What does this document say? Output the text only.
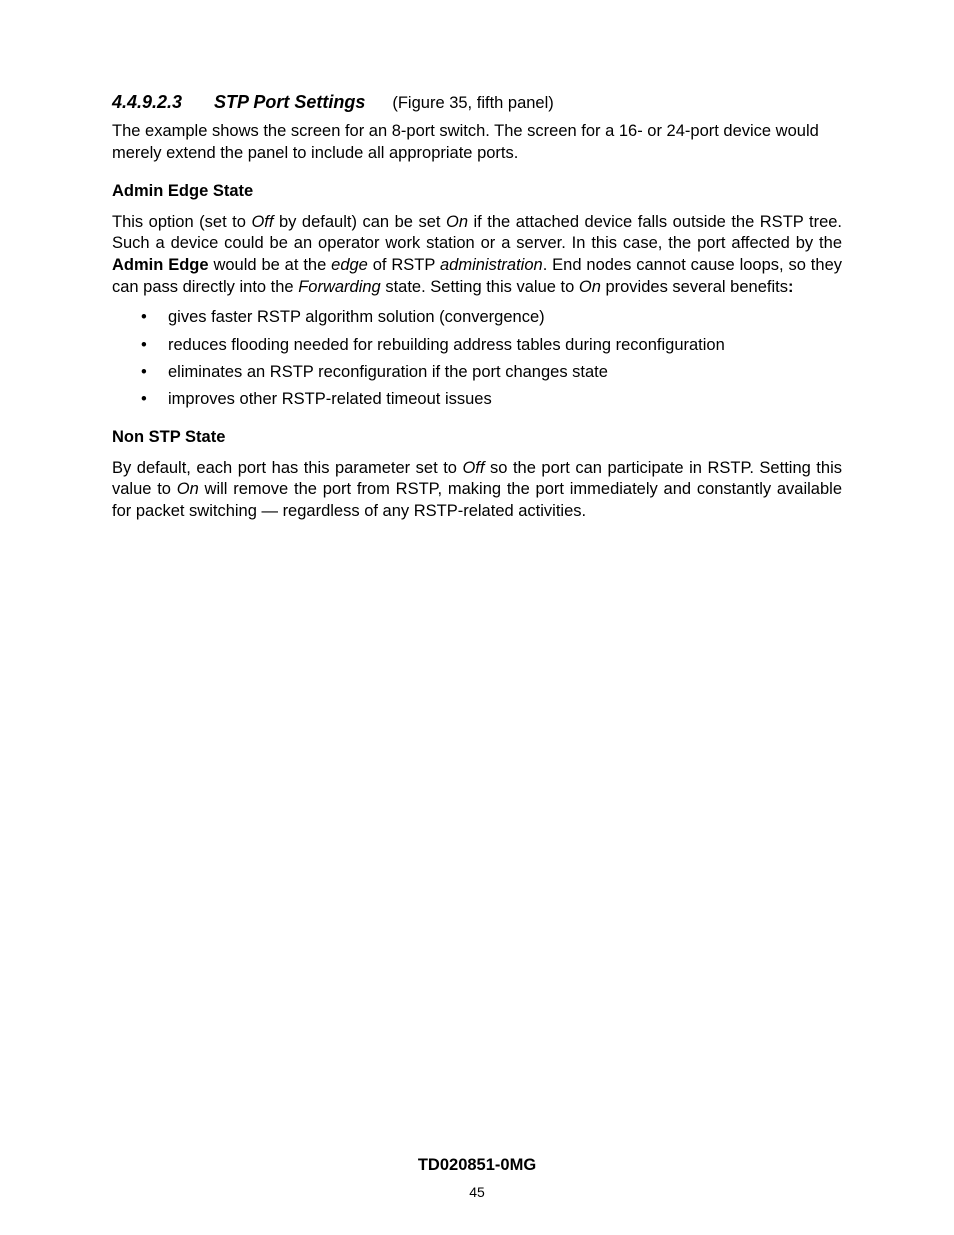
4.4.9.2.3 STP Port Settings (Figure 35, fifth panel)

The example shows the screen for an 8-port switch. The screen for a 16- or 24-port device would merely extend the panel to include all appropriate ports.

Admin Edge State

This option (set to Off by default) can be set On if the attached device falls outside the RSTP tree. Such a device could be an operator work station or a server. In this case, the port affected by the Admin Edge would be at the edge of RSTP administration. End nodes cannot cause loops, so they can pass directly into the Forwarding state. Setting this value to On provides several benefits:

• gives faster RSTP algorithm solution (convergence)
• reduces flooding needed for rebuilding address tables during reconfiguration
• eliminates an RSTP reconfiguration if the port changes state
• improves other RSTP-related timeout issues
Non STP State

By default, each port has this parameter set to Off so the port can participate in RSTP. Setting this value to On will remove the port from RSTP, making the port immediately and constantly available for packet switching — regardless of any RSTP-related activities.

TD020851-0MG
45
